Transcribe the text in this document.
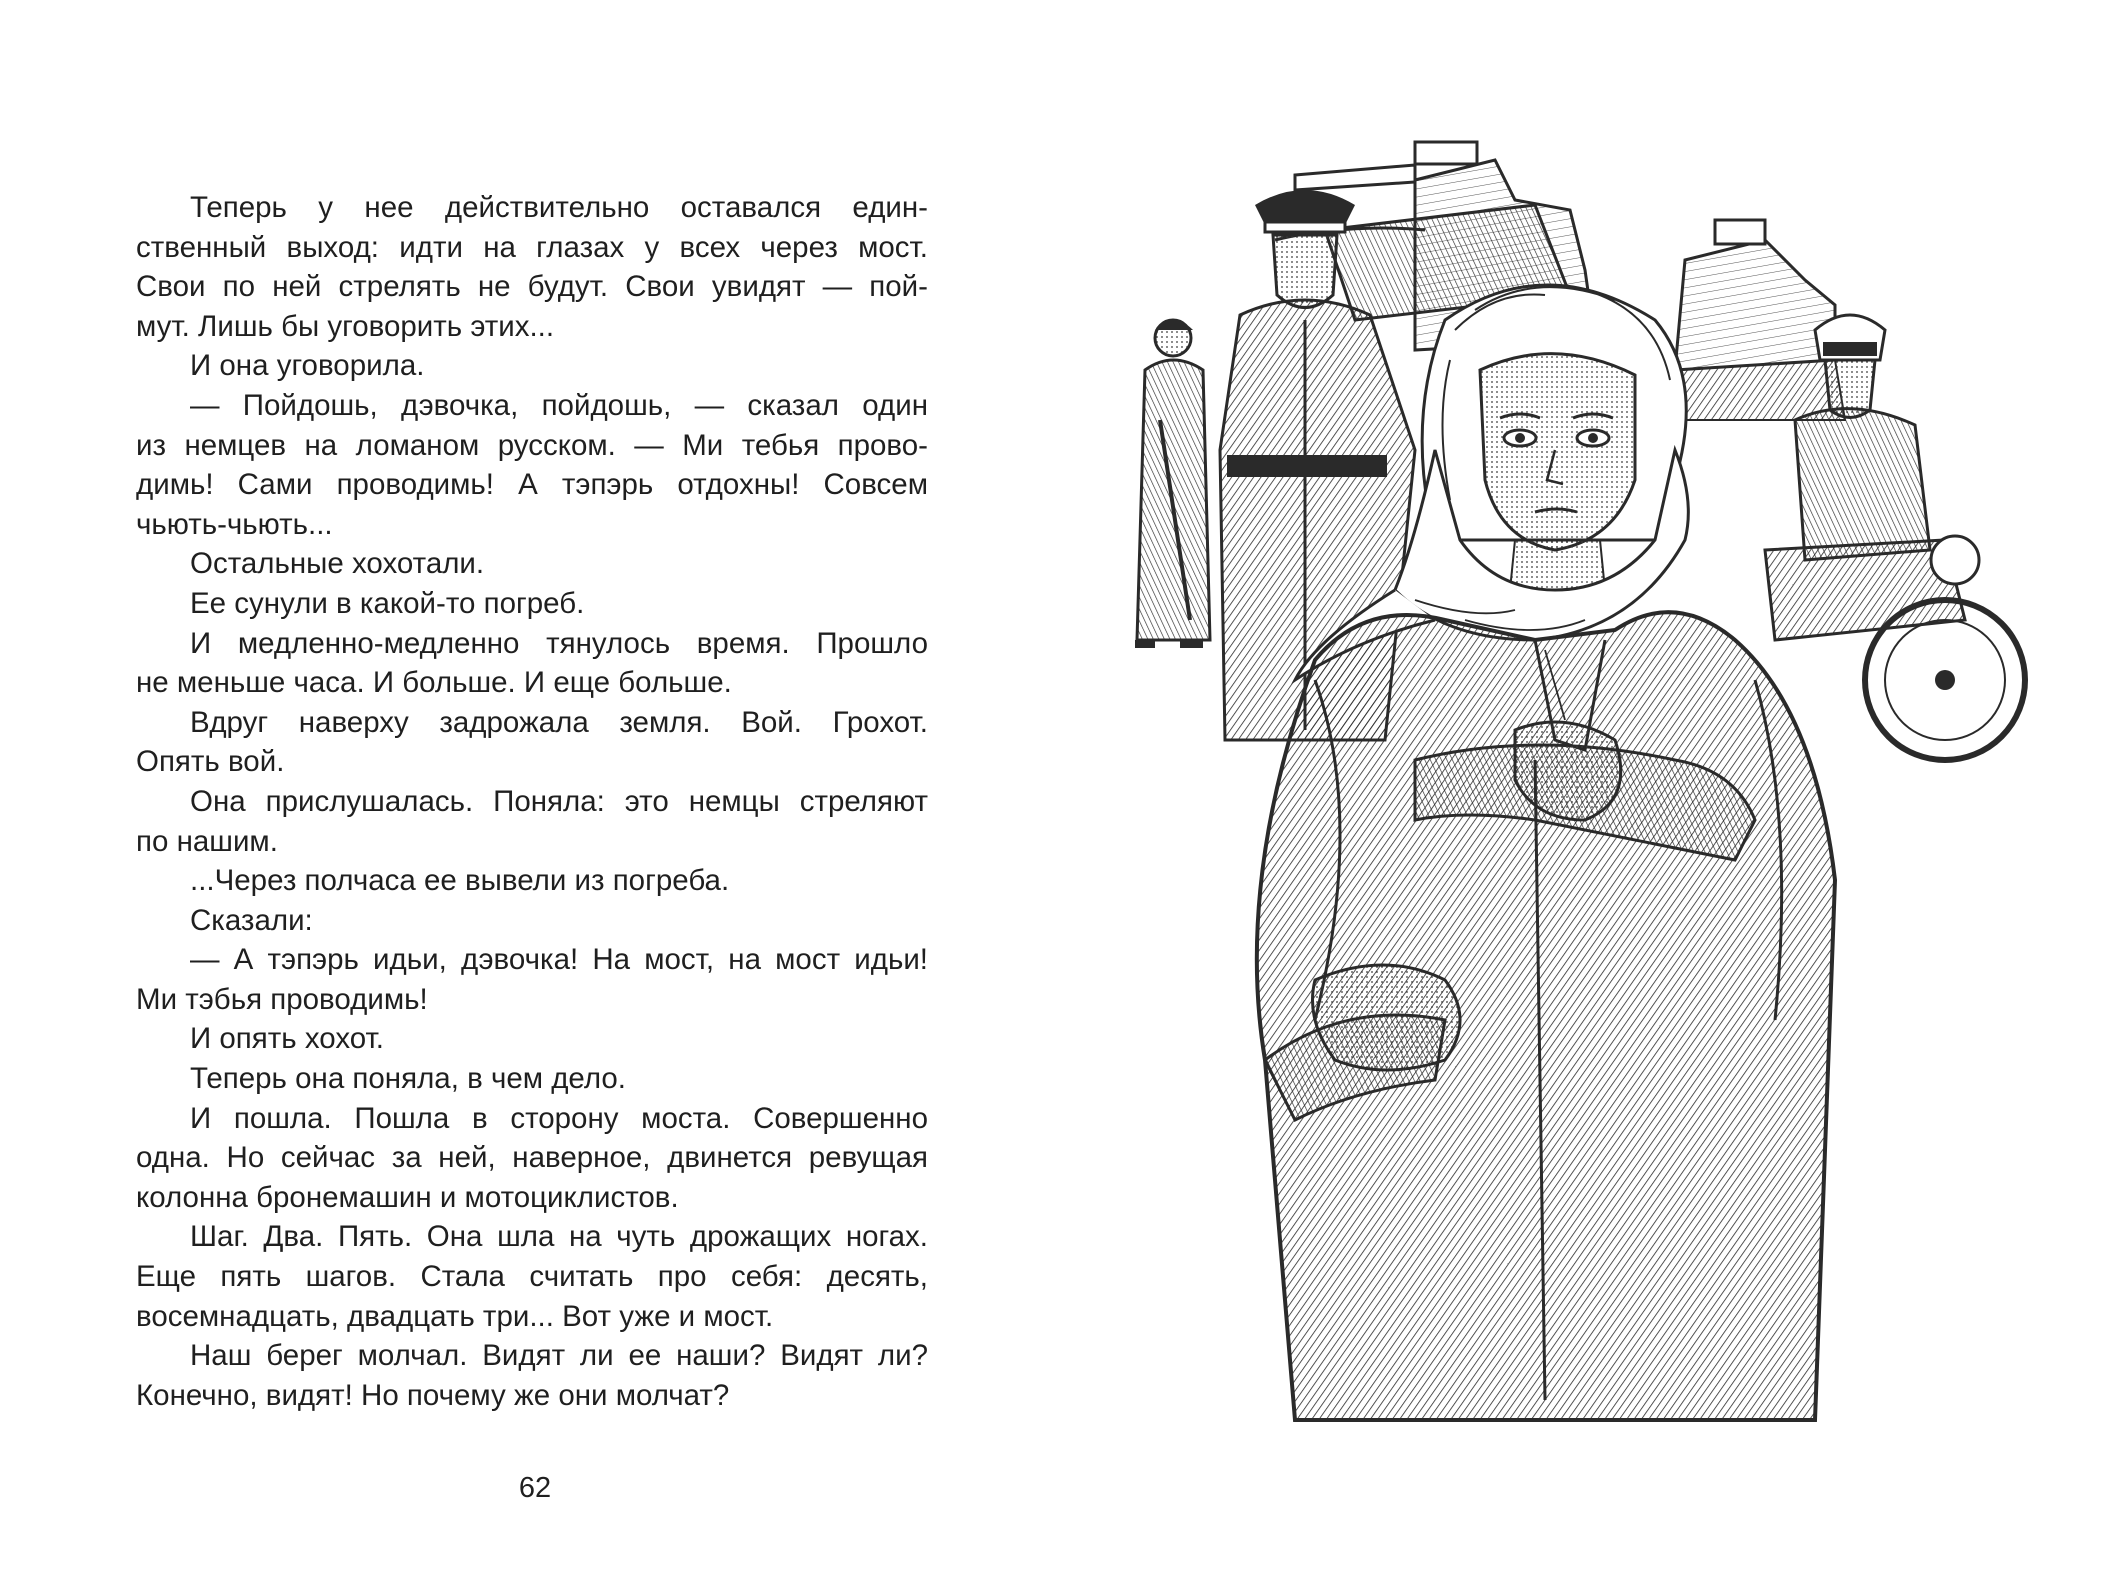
Теперь у нее действительно оставался един-
ственный выход: идти на глазах у всех через мост.
Свои по ней стрелять не будут. Свои увидят — пой-
мут. Лишь бы уговорить этих...
И она уговорила.
— Пойдошь, дэвочка, пойдошь, — сказал один
из немцев на ломаном русском. — Ми тебья прово-
димь! Сами проводимь! А тэпэрь отдохны! Совсем
чьють-чьють...
Остальные хохотали.
Ее сунули в какой-то погреб.
И медленно-медленно тянулось время. Прошло
не меньше часа. И больше. И еще больше.
Вдруг наверху задрожала земля. Вой. Грохот.
Опять вой.
Она прислушалась. Поняла: это немцы стреляют
по нашим.
...Через полчаса ее вывели из погреба.
Сказали:
— А тэпэрь идьи, дэвочка! На мост, на мост идьи!
Ми тэбья проводимь!
И опять хохот.
Теперь она поняла, в чем дело.
И пошла. Пошла в сторону моста. Совершенно
одна. Но сейчас за ней, наверное, двинется ревущая
колонна бронемашин и мотоциклистов.
Шаг. Два. Пять. Она шла на чуть дрожащих ногах.
Еще пять шагов. Стала считать про себя: десять,
восемнадцать, двадцать три... Вот уже и мост.
Наш берег молчал. Видят ли ее наши? Видят ли?
Конечно, видят! Но почему же они молчат?
62
